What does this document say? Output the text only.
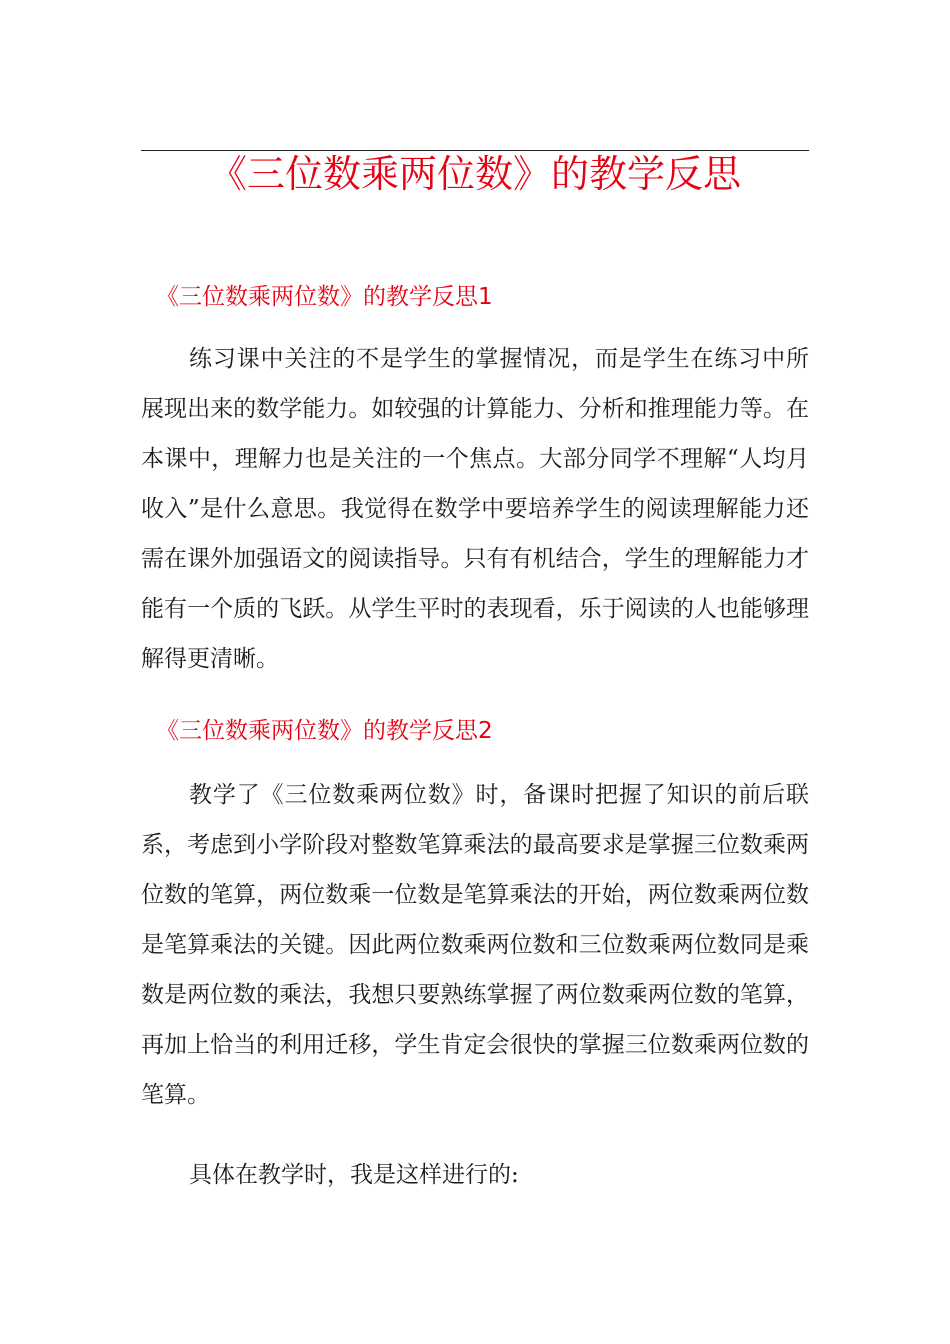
《三位数乘两位数》的教学反思
《三位数乘两位数》的教学反思1

练习课中关注的不是学生的掌握情况，而是学生在练习中所展现出来的数学能力。如较强的计算能力、分析和推理能力等。在本课中，理解力也是关注的一个焦点。大部分同学不理解“人均月收入”是什么意思。我觉得在数学中要培养学生的阅读理解能力还需在课外加强语文的阅读指导。只有有机结合，学生的理解能力才能有一个质的飞跃。从学生平时的表现看，乐于阅读的人也能够理解得更清晰。

《三位数乘两位数》的教学反思2

教学了《三位数乘两位数》时，备课时把握了知识的前后联系，考虑到小学阶段对整数笔算乘法的最高要求是掌握三位数乘两位数的笔算，两位数乘一位数是笔算乘法的开始，两位数乘两位数是笔算乘法的关键。因此两位数乘两位数和三位数乘两位数同是乘数是两位数的乘法，我想只要熟练掌握了两位数乘两位数的笔算，再加上恰当的利用迁移，学生肯定会很快的掌握三位数乘两位数的笔算。

具体在教学时，我是这样进行的:
